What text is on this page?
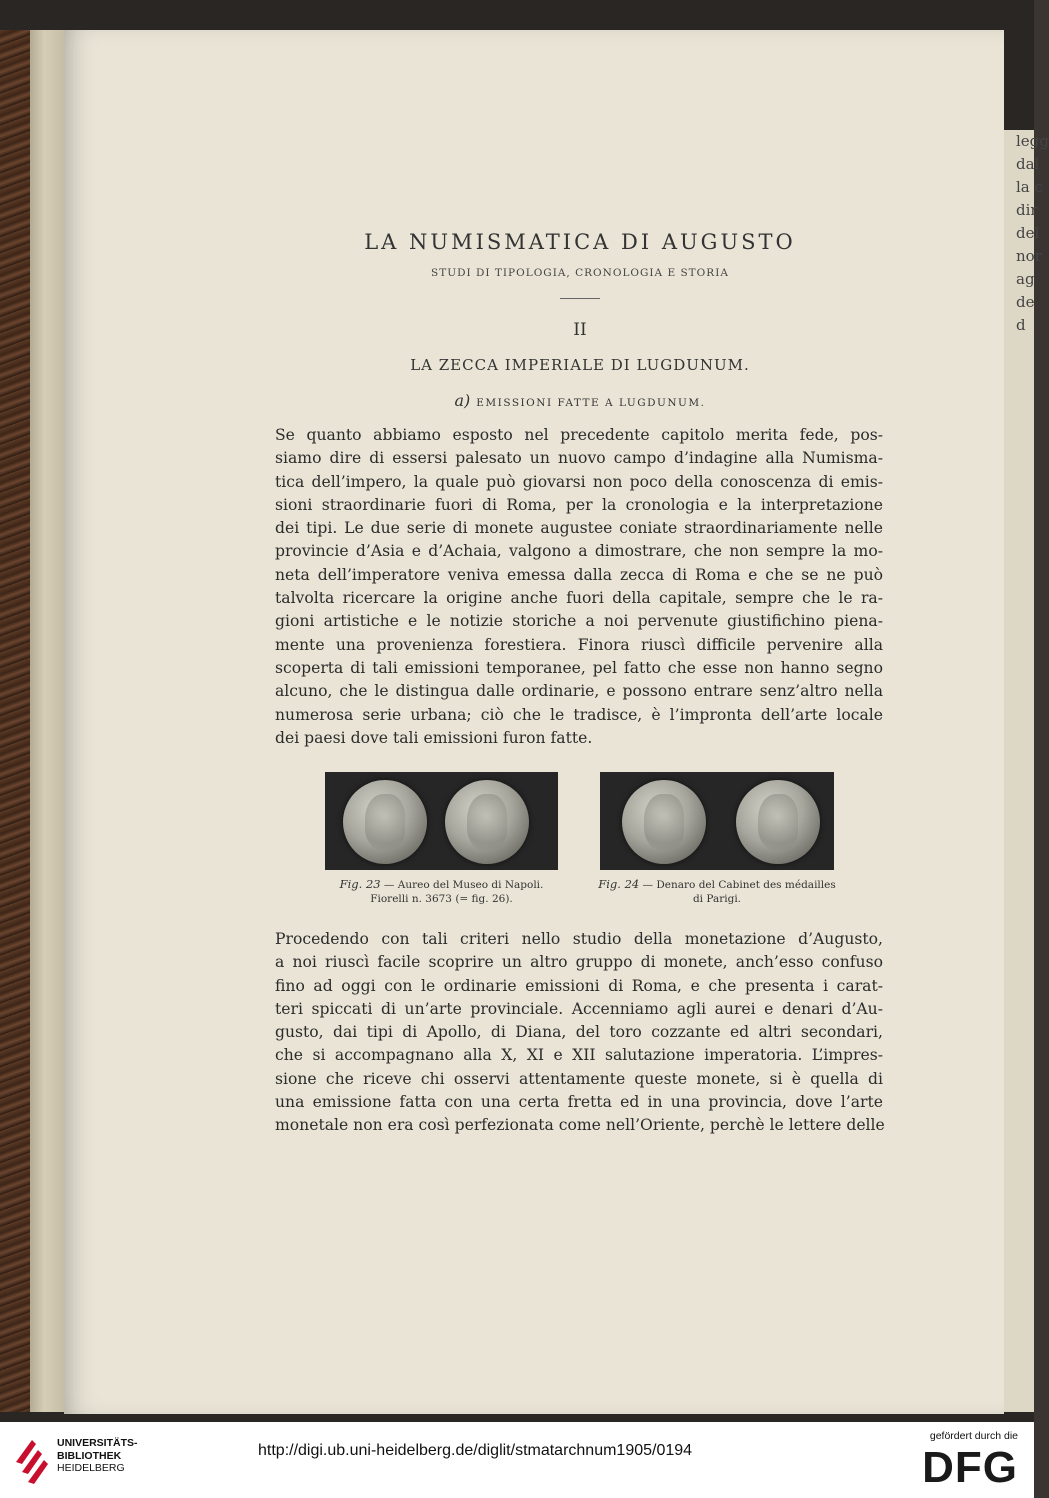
legg
dal
la c
dir
del
nor
ag
de
d
LA NUMISMATICA DI AUGUSTO
STUDI DI TIPOLOGIA, CRONOLOGIA E STORIA
II
LA ZECCA IMPERIALE DI LUGDUNUM.
a) EMISSIONI FATTE A LUGDUNUM.
Se quanto abbiamo esposto nel precedente capitolo merita fede, pos-
siamo dire di essersi palesato un nuovo campo d’indagine alla Numisma-
tica dell’impero, la quale può giovarsi non poco della conoscenza di emis-
sioni straordinarie fuori di Roma, per la cronologia e la interpretazione
dei tipi. Le due serie di monete augustee coniate straordinariamente nelle
provincie d’Asia e d’Achaia, valgono a dimostrare, che non sempre la mo-
neta dell’imperatore veniva emessa dalla zecca di Roma e che se ne può
talvolta ricercare la origine anche fuori della capitale, sempre che le ra-
gioni artistiche e le notizie storiche a noi pervenute giustifichino piena-
mente una provenienza forestiera. Finora riuscì difficile pervenire alla
scoperta di tali emissioni temporanee, pel fatto che esse non hanno segno
alcuno, che le distingua dalle ordinarie, e possono entrare senz’altro nella
numerosa serie urbana; ciò che le tradisce, è l’impronta dell’arte locale
dei paesi dove tali emissioni furon fatte.
Fig. 23 — Aureo del Museo di Napoli.
Fiorelli n. 3673 (= fig. 26).
Fig. 24 — Denaro del Cabinet des médailles
di Parigi.
Procedendo con tali criteri nello studio della monetazione d’Augusto,
a noi riuscì facile scoprire un altro gruppo di monete, anch’esso confuso
fino ad oggi con le ordinarie emissioni di Roma, e che presenta i carat-
teri spiccati di un’arte provinciale. Accenniamo agli aurei e denari d’Au-
gusto, dai tipi di Apollo, di Diana, del toro cozzante ed altri secondari,
che si accompagnano alla X, XI e XII salutazione imperatoria. L’impres-
sione che riceve chi osservi attentamente queste monete, si è quella di
una emissione fatta con una certa fretta ed in una provincia, dove l’arte
monetale non era così perfezionata come nell’Oriente, perchè le lettere delle
UNIVERSITÄTS-
BIBLIOTHEK
HEIDELBERG
http://digi.ub.uni-heidelberg.de/diglit/stmatarchnum1905/0194
gefördert durch die
DFG
